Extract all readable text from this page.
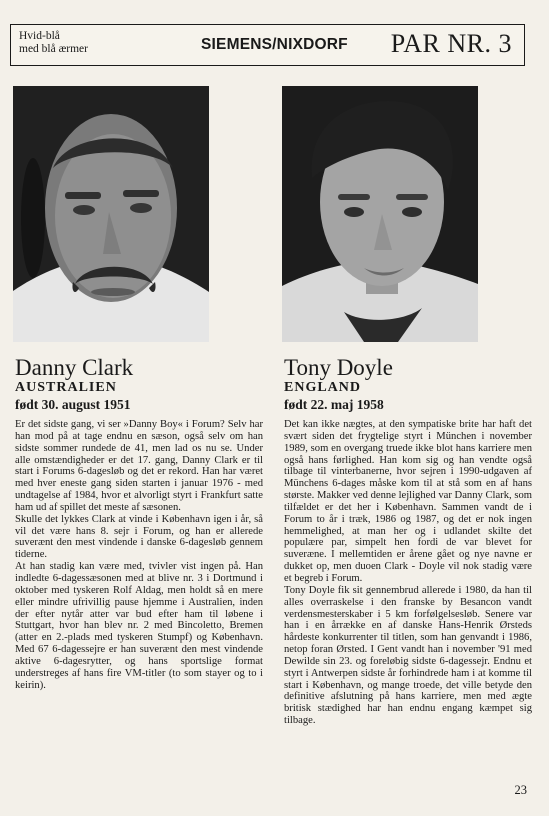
Hvid-blå
med blå ærmer	SIEMENS/NIXDORF PAR NR. 3
Danny Clark
AUSTRALIEN
født 30. august 1951

Er det sidste gang, vi ser »Danny Boy« i Forum? Selv har han mod på at tage endnu en sæson, også selv om han sidste sommer rundede de 41, men lad os nu se. Under alle omstændigheder er det 17. gang, Danny Clark er til start i Forums 6-dagesløb og det er rekord. Han har været med hver eneste gang siden starten i januar 1976 - med undtagelse af 1984, hvor et alvorligt styrt i Frankfurt satte ham ud af spillet det meste af sæsonen.

Skulle det lykkes Clark at vinde i København igen i år, så vil det være hans 8. sejr i Forum, og han er allerede suverænt den mest vindende i danske 6-dagesløb gennem tiderne.

At han stadig kan være med, tvivler vist ingen på. Han indledte 6-dagessæsonen med at blive nr. 3 i Dortmund i oktober med tyskeren Rolf Aldag, men holdt så en mere eller mindre ufrivillig pause hjemme i Australien, inden der efter nytår atter var bud efter ham til løbene i Stuttgart, hvor han blev nr. 2 med Bincoletto, Bremen (atter en 2.-plads med tyskeren Stumpf) og København. Med 67 6-dagessejre er han suverænt den mest vindende aktive 6-dagesrytter, og hans sportslige format understreges af hans fire VM-titler (to som stayer og to i keirin).

Tony Doyle
ENGLAND
født 22. maj 1958

Det kan ikke nægtes, at den sympatiske brite har haft det svært siden det frygtelige styrt i München i november 1989, som en overgang truede ikke blot hans karriere men også hans førlighed. Han kom sig og han vendte også tilbage til vinterbanerne, hvor sejren i 1990-udgaven af Münchens 6-dages måske kom til at stå som en af hans største. Makker ved denne lejlighed var Danny Clark, som tilfældet er det her i København. Sammen vandt de i Forum to år i træk, 1986 og 1987, og det er nok ingen hemmelighed, at man her og i udlandet skilte det populære par, simpelt hen fordi de var blevet for suveræne. I mellemtiden er årene gået og nye navne er dukket op, men duoen Clark - Doyle vil nok stadig være et begreb i Forum.

Tony Doyle fik sit gennembrud allerede i 1980, da han til alles overraskelse i den franske by Besancon vandt verdensmesterskaber i 5 km forfølgelsesløb. Senere var han i en årrække en af danske Hans-Henrik Ørsteds hårdeste konkurrenter til titlen, som han genvandt i 1986, netop foran Ørsted. I Gent vandt han i november '91 med Dewilde sin 23. og foreløbig sidste 6-dagessejr. Endnu et styrt i Antwerpen sidste år forhindrede ham i at komme til start i København, og mange troede, det ville betyde den definitive afslutning på hans karriere, men med ægte britisk stædighed har han endnu engang kæmpet sig tilbage.

23
